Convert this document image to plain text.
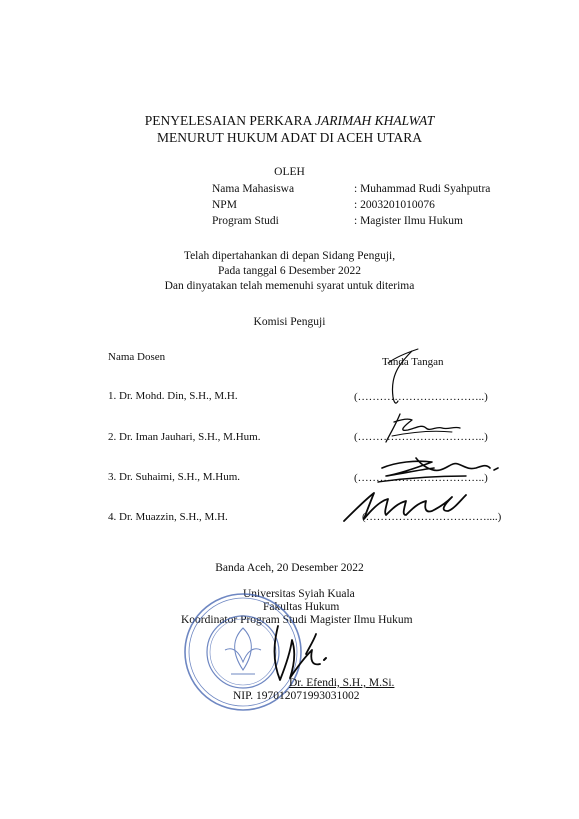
PENYELESAIAN PERKARA JARIMAH KHALWAT
MENURUT HUKUM ADAT DI ACEH UTARA
OLEH
Nama Mahasiswa	: Muhammad Rudi Syahputra
NPM	: 2003201010076
Program Studi	: Magister Ilmu Hukum
Telah dipertahankan di depan Sidang Penguji,
Pada tanggal 6 Desember 2022
Dan dinyatakan telah memenuhi syarat untuk diterima
Komisi Penguji
Nama Dosen	Tanda Tangan
1. Dr. Mohd. Din, S.H., M.H.	(……………………………..)
2. Dr. Iman Jauhari, S.H., M.Hum.	(……………………………..)
3. Dr. Suhaimi, S.H., M.Hum.	(……………………………..)
4. Dr. Muazzin, S.H., M.H.	(……………………………....)
Banda Aceh, 20 Desember 2022
Universitas Syiah Kuala
Fakultas Hukum
Koordinator Program Studi Magister Ilmu Hukum
Dr. Efendi, S.H., M.Si.
NIP. 197012071993031002
